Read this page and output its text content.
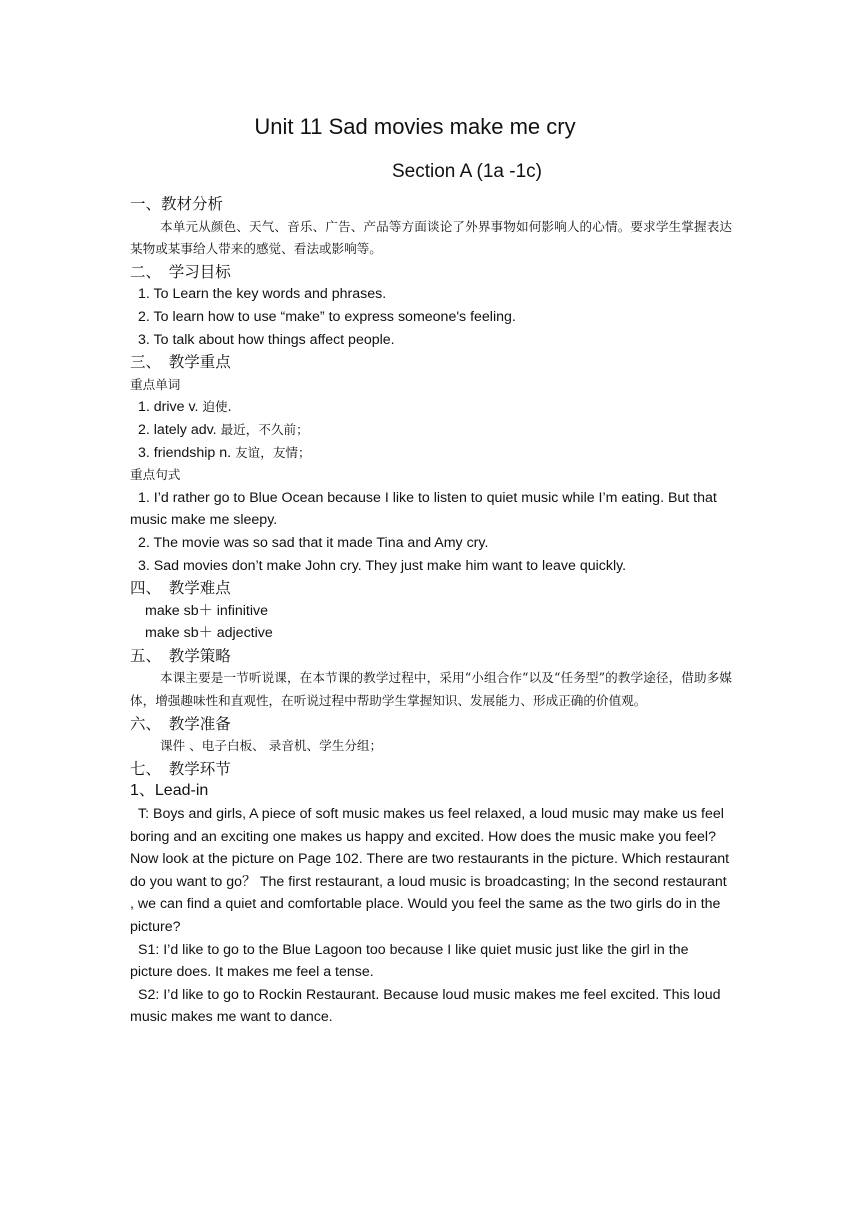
Unit 11 Sad movies make me cry
Section A (1a -1c)

一、教材分析

本单元从颜色、天气、音乐、广告、产品等方面谈论了外界事物如何影响人的心情。要求学生掌握表达某物或某事给人带来的感觉、看法或影响等。

二、　学习目标

1. To Learn the key words and phrases.

2. To learn how to use “make” to express someone's feeling.

3. To talk about how things affect people.

三、　教学重点

重点单词

1. drive v. 迫使.

2. lately adv. 最近，不久前；

3. friendship n. 友谊，友情；

重点句式

1. I’d rather go to Blue Ocean because I like to listen to quiet music while I’m eating. But that music make me sleepy.

2. The movie was so sad that it made Tina and Amy cry.

3. Sad movies don’t make John cry. They just make him want to leave quickly.

四、　教学难点

make sb＋ infinitive

make sb＋ adjective

五、　教学策略

本课主要是一节听说课，在本节课的教学过程中，采用“小组合作“以及“任务型”的教学途径，借助多媒体，增强趣味性和直观性，在听说过程中帮助学生掌握知识、发展能力、形成正确的价值观。

六、　教学准备

课件 、电子白板、 录音机、学生分组；

七、　教学环节

1、Lead-in

T: Boys and girls, A piece of soft music makes us feel relaxed, a loud music may make us feel boring and an exciting one makes us happy and excited. How does the music make you feel? Now look at the picture on Page 102. There are two restaurants in the picture. Which restaurant do you want to go？ The first restaurant, a loud music is broadcasting; In the second restaurant , we can find a quiet and comfortable place. Would you feel the same as the two girls do in the picture?

S1: I’d like to go to the Blue Lagoon too because I like quiet music just like the girl in the picture does. It makes me feel a tense.

S2: I’d like to go to Rockin Restaurant. Because loud music makes me feel excited. This loud music makes me want to dance.
